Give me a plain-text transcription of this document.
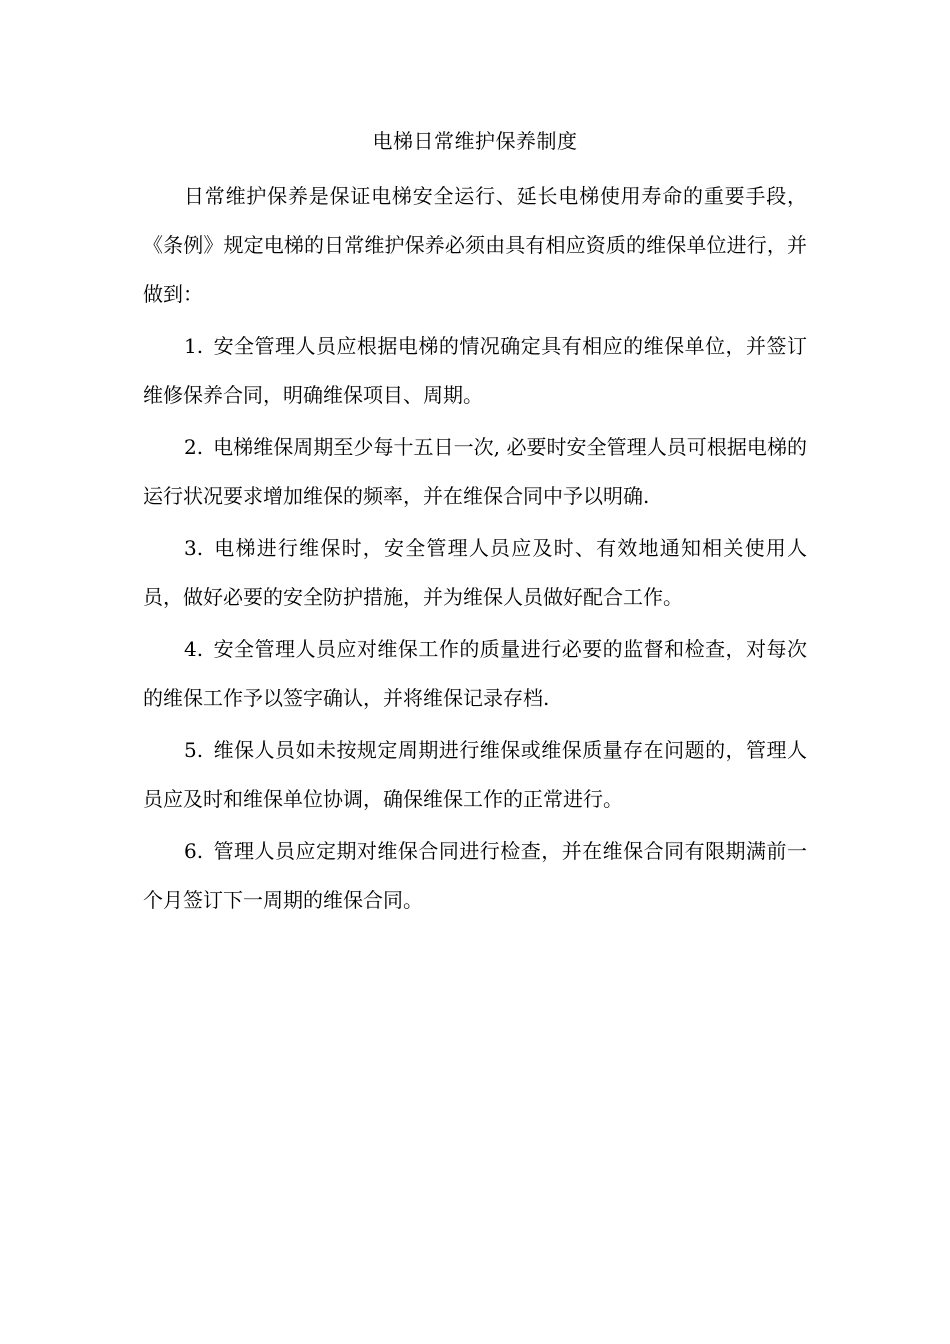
电梯日常维护保养制度

日常维护保养是保证电梯安全运行、延长电梯使用寿命的重要手段，《条例》规定电梯的日常维护保养必须由具有相应资质的维保单位进行，并做到：

1. 安全管理人员应根据电梯的情况确定具有相应的维保单位，并签订维修保养合同，明确维保项目、周期。

2. 电梯维保周期至少每十五日一次, 必要时安全管理人员可根据电梯的运行状况要求增加维保的频率，并在维保合同中予以明确.

3. 电梯进行维保时，安全管理人员应及时、有效地通知相关使用人员，做好必要的安全防护措施，并为维保人员做好配合工作。

4. 安全管理人员应对维保工作的质量进行必要的监督和检查，对每次的维保工作予以签字确认，并将维保记录存档.

5. 维保人员如未按规定周期进行维保或维保质量存在问题的，管理人员应及时和维保单位协调，确保维保工作的正常进行。

6. 管理人员应定期对维保合同进行检查，并在维保合同有限期满前一个月签订下一周期的维保合同。
